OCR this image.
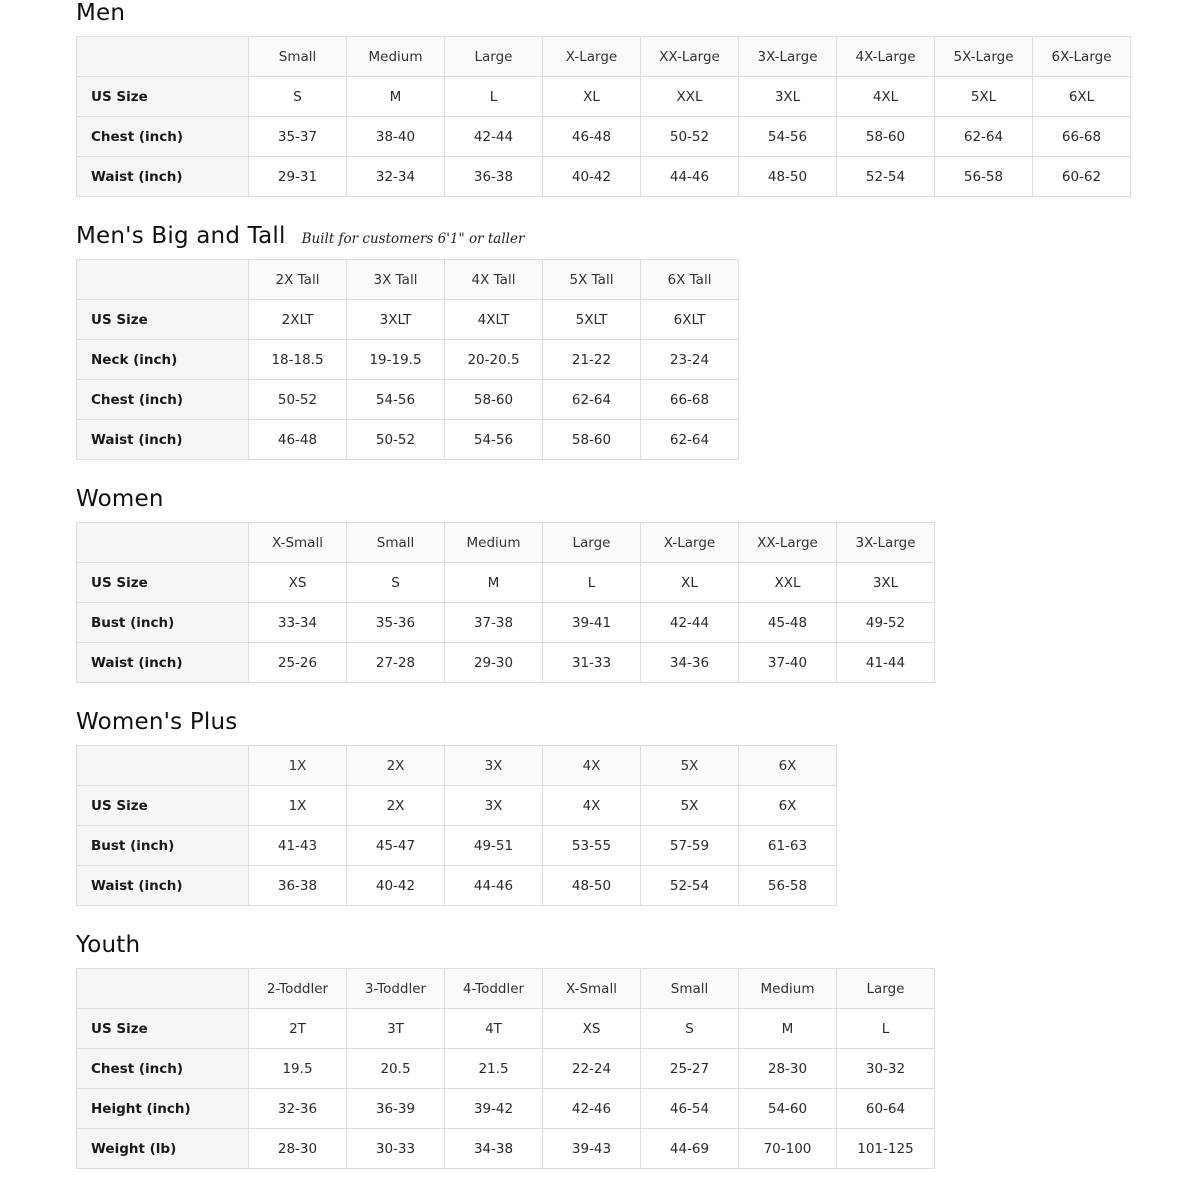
Men
	Small	Medium	Large	X-Large	XX-Large	3X-Large	4X-Large	5X-Large	6X-Large
US Size	S	M	L	XL	XXL	3XL	4XL	5XL	6XL
Chest (inch)	35-37	38-40	42-44	46-48	50-52	54-56	58-60	62-64	66-68
Waist (inch)	29-31	32-34	36-38	40-42	44-46	48-50	52-54	56-58	60-62
Men's Big and Tall Built for customers 6'1" or taller
	2X Tall	3X Tall	4X Tall	5X Tall	6X Tall
US Size	2XLT	3XLT	4XLT	5XLT	6XLT
Neck (inch)	18-18.5	19-19.5	20-20.5	21-22	23-24
Chest (inch)	50-52	54-56	58-60	62-64	66-68
Waist (inch)	46-48	50-52	54-56	58-60	62-64
Women
	X-Small	Small	Medium	Large	X-Large	XX-Large	3X-Large
US Size	XS	S	M	L	XL	XXL	3XL
Bust (inch)	33-34	35-36	37-38	39-41	42-44	45-48	49-52
Waist (inch)	25-26	27-28	29-30	31-33	34-36	37-40	41-44
Women's Plus
	1X	2X	3X	4X	5X	6X
US Size	1X	2X	3X	4X	5X	6X
Bust (inch)	41-43	45-47	49-51	53-55	57-59	61-63
Waist (inch)	36-38	40-42	44-46	48-50	52-54	56-58
Youth
	2-Toddler	3-Toddler	4-Toddler	X-Small	Small	Medium	Large
US Size	2T	3T	4T	XS	S	M	L
Chest (inch)	19.5	20.5	21.5	22-24	25-27	28-30	30-32
Height (inch)	32-36	36-39	39-42	42-46	46-54	54-60	60-64
Weight (lb)	28-30	30-33	34-38	39-43	44-69	70-100	101-125
